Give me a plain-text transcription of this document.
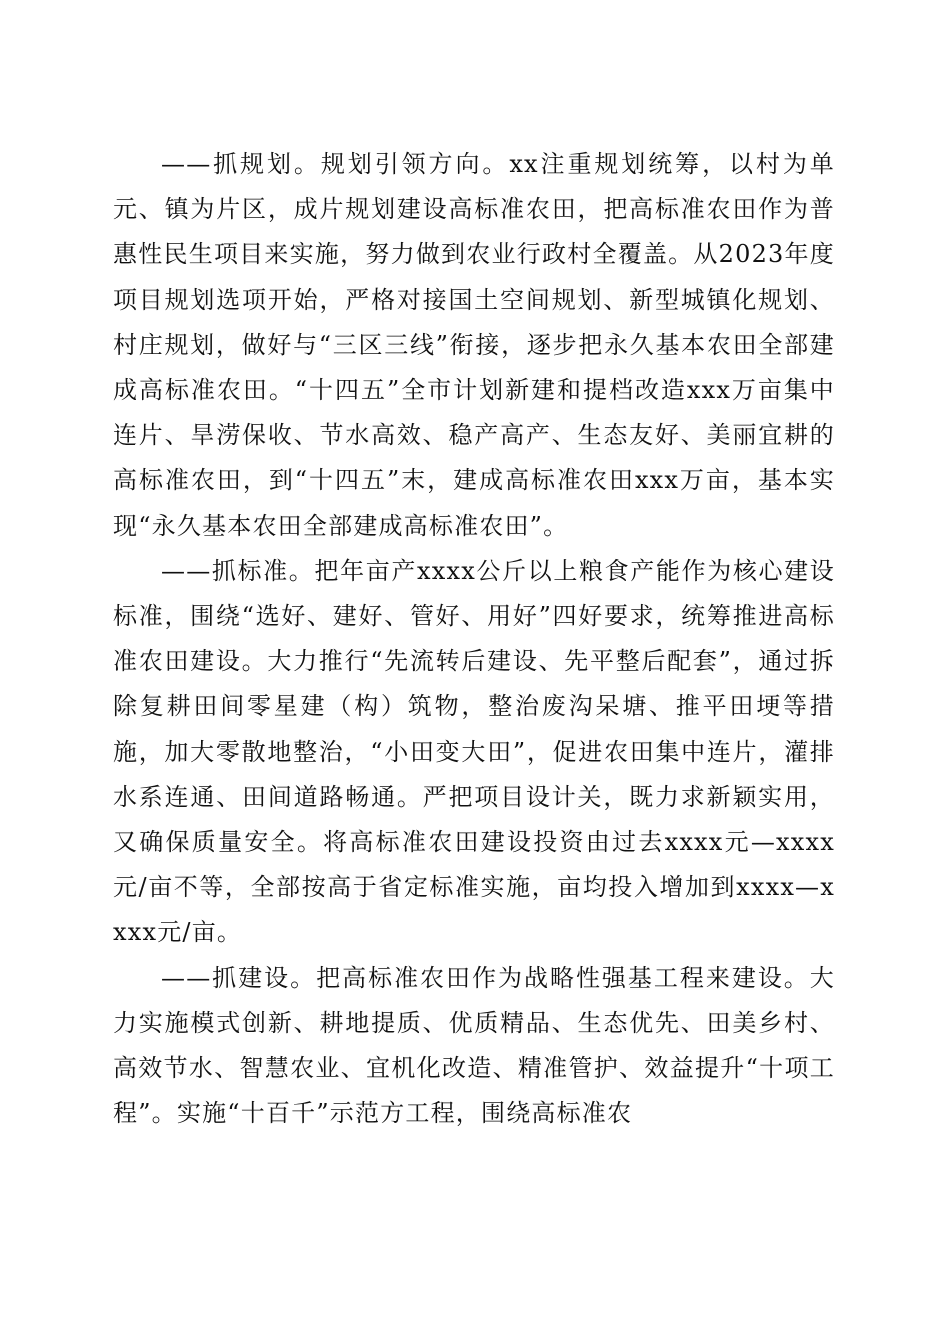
——抓规划。规划引领方向。xx注重规划统筹，以村为单元、镇为片区，成片规划建设高标准农田，把高标准农田作为普惠性民生项目来实施，努力做到农业行政村全覆盖。从2023年度项目规划选项开始，严格对接国土空间规划、新型城镇化规划、村庄规划，做好与“三区三线”衔接，逐步把永久基本农田全部建成高标准农田。“十四五”全市计划新建和提档改造xxx万亩集中连片、旱涝保收、节水高效、稳产高产、生态友好、美丽宜耕的高标准农田，到“十四五”末，建成高标准农田xxx万亩，基本实现“永久基本农田全部建成高标准农田”。

——抓标准。把年亩产xxxx公斤以上粮食产能作为核心建设标准，围绕“选好、建好、管好、用好”四好要求，统筹推进高标准农田建设。大力推行“先流转后建设、先平整后配套”，通过拆除复耕田间零星建（构）筑物，整治废沟呆塘、推平田埂等措施，加大零散地整治，“小田变大田”，促进农田集中连片，灌排水系连通、田间道路畅通。严把项目设计关，既力求新颖实用，又确保质量安全。将高标准农田建设投资由过去xxxx元—xxxx元/亩不等，全部按高于省定标准实施，亩均投入增加到xxxx—xxxx元/亩。

——抓建设。把高标准农田作为战略性强基工程来建设。大力实施模式创新、耕地提质、优质精品、生态优先、田美乡村、高效节水、智慧农业、宜机化改造、精准管护、效益提升“十项工程”。实施“十百千”示范方工程，围绕高标准农
